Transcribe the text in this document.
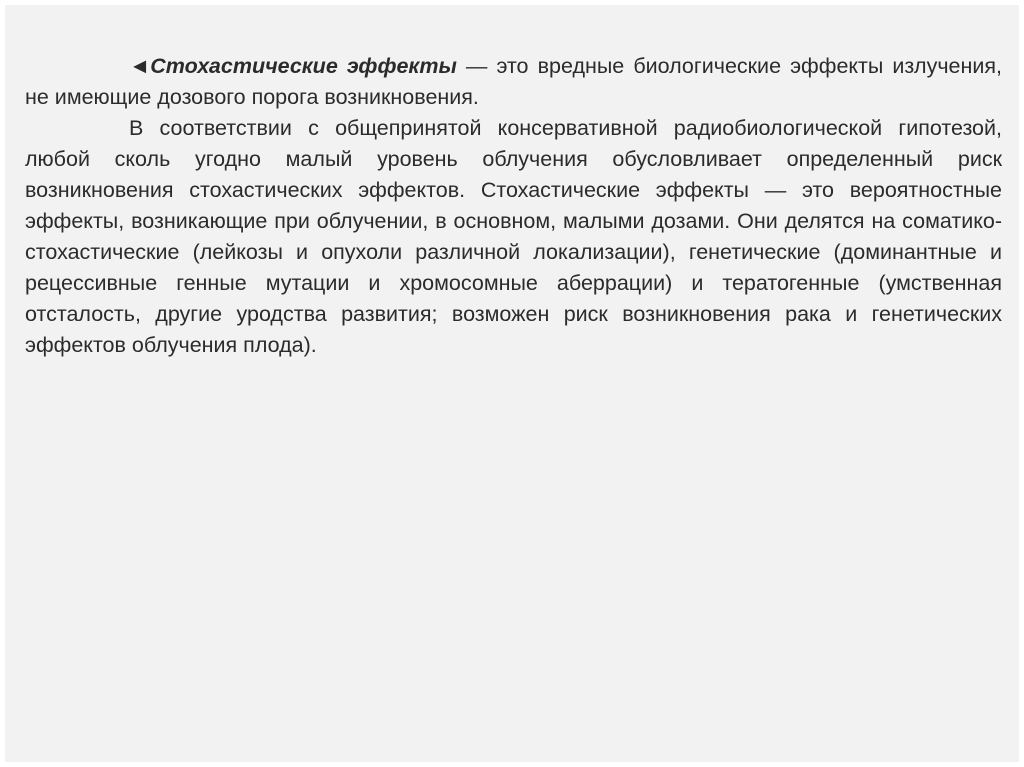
◄Стохастические эффекты — это вредные биологические эффекты излучения, не имеющие дозового порога возникновения.

В соответствии с общепринятой консервативной радиобиологической гипотезой, любой сколь угодно малый уровень облучения обусловливает определенный риск возникновения стохастических эффектов. Стохастические эффекты — это вероятностные эффекты, возникающие при облучении, в основном, малыми дозами. Они делятся на соматико-стохастические (лейкозы и опухоли различной локализации), генетические (доминантные и рецессивные генные мутации и хромосомные аберрации) и тератогенные (умственная отсталость, другие уродства развития; возможен риск возникновения рака и генетических эффектов облучения плода).
